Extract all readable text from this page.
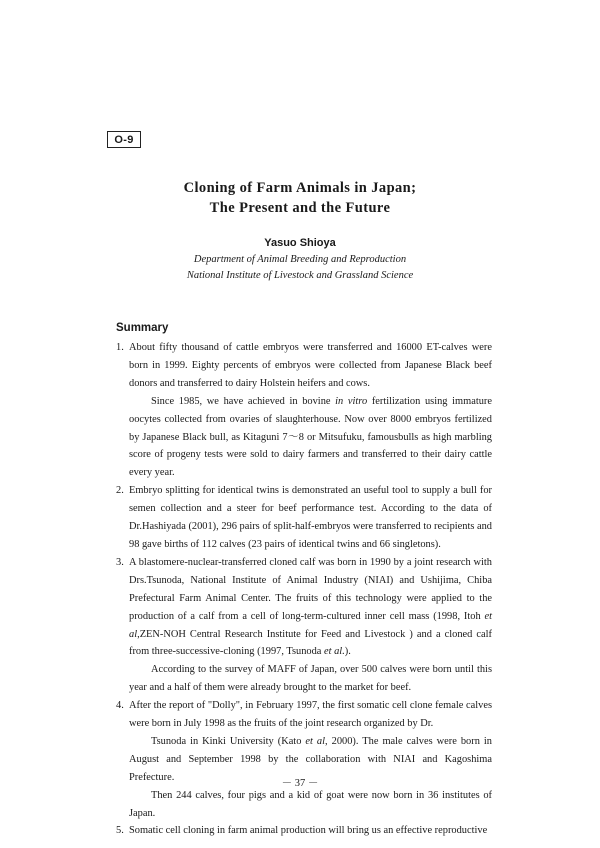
O-9
Cloning of Farm Animals in Japan;
The Present and the Future
Yasuo Shioya
Department of Animal Breeding and Reproduction
National Institute of Livestock and Grassland Science
Summary
1. About fifty thousand of cattle embryos were transferred and 16000 ET-calves were born in 1999. Eighty percents of embryos were collected from Japanese Black beef donors and transferred to dairy Holstein heifers and cows.

Since 1985, we have achieved in bovine in vitro fertilization using immature oocytes collected from ovaries of slaughterhouse. Now over 8000 embryos fertilized by Japanese Black bull, as Kitaguni 7～8 or Mitsufuku, famousbulls as high marbling score of progeny tests were sold to dairy farmers and transferred to their dairy cattle every year.

2. Embryo splitting for identical twins is demonstrated an useful tool to supply a bull for semen collection and a steer for beef performance test. According to the data of Dr.Hashiyada (2001), 296 pairs of split-half-embryos were transferred to recipients and 98 gave births of 112 calves (23 pairs of identical twins and 66 singletons).

3. A blastomere-nuclear-transferred cloned calf was born in 1990 by a joint research with Drs.Tsunoda, National Institute of Animal Industry (NIAI) and Ushijima, Chiba Prefectural Farm Animal Center. The fruits of this technology were applied to the production of a calf from a cell of long-term-cultured inner cell mass (1998, Itoh et al,ZEN-NOH Central Research Institute for Feed and Livestock ) and a cloned calf from three-successive-cloning (1997, Tsunoda et al.).

According to the survey of MAFF of Japan, over 500 calves were born until this year and a half of them were already brought to the market for beef.

4. After the report of "Dolly", in February 1997, the first somatic cell clone female calves were born in July 1998 as the fruits of the joint research organized by Dr.

Tsunoda in Kinki University (Kato et al, 2000). The male calves were born in August and September 1998 by the collaboration with NIAI and Kagoshima Prefecture.

Then 244 calves, four pigs and a kid of goat were now born in 36 institutes of Japan.

5. Somatic cell cloning in farm animal production will bring us an effective reproductive

－ 37 －
